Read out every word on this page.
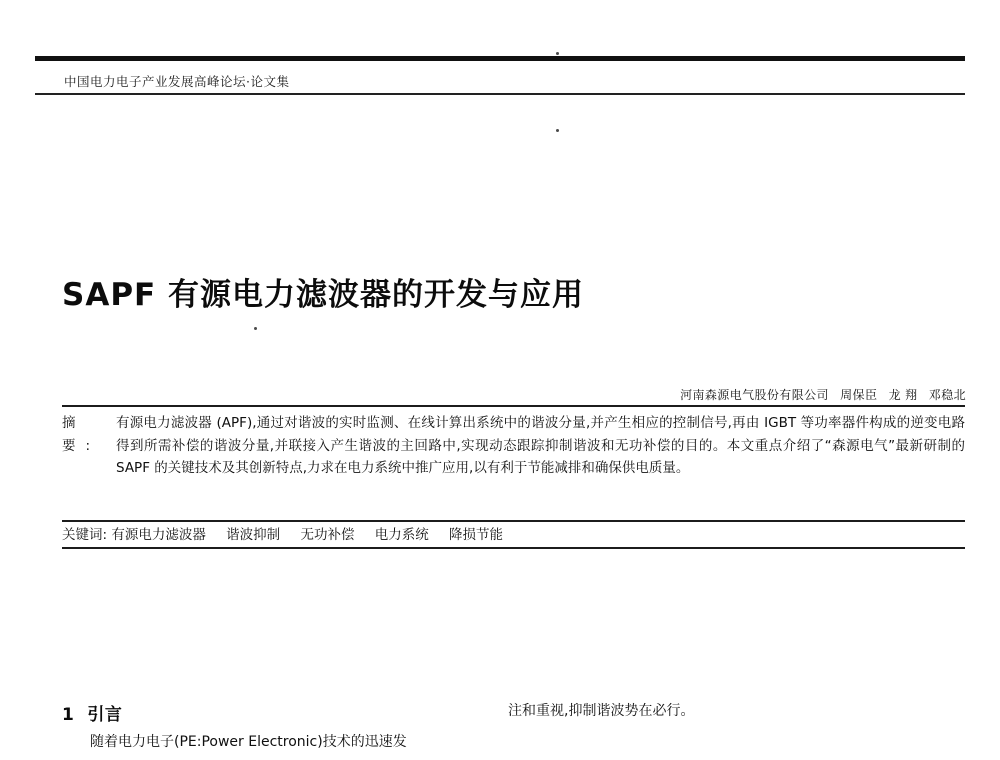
中国电力电子产业发展高峰论坛·论文集
SAPF 有源电力滤波器的开发与应用
河南森源电气股份有限公司 周保臣 龙 翔 邓稳北
摘 要:
有源电力滤波器 (APF),通过对谐波的实时监测、在线计算出系统中的谐波分量,并产生相应的控制信号,再由 IGBT 等功率器件构成的逆变电路得到所需补偿的谐波分量,并联接入产生谐波的主回路中,实现动态跟踪抑制谐波和无功补偿的目的。本文重点介绍了“森源电气”最新研制的 SAPF 的关键技术及其创新特点,力求在电力系统中推广应用,以有利于节能减排和确保供电质量。
关键词: 有源电力滤波器 谐波抑制 无功补偿 电力系统 降损节能
1 引言

随着电力电子(PE:Power Electronic)技术的迅速发

注和重视,抑制谐波势在必行。
